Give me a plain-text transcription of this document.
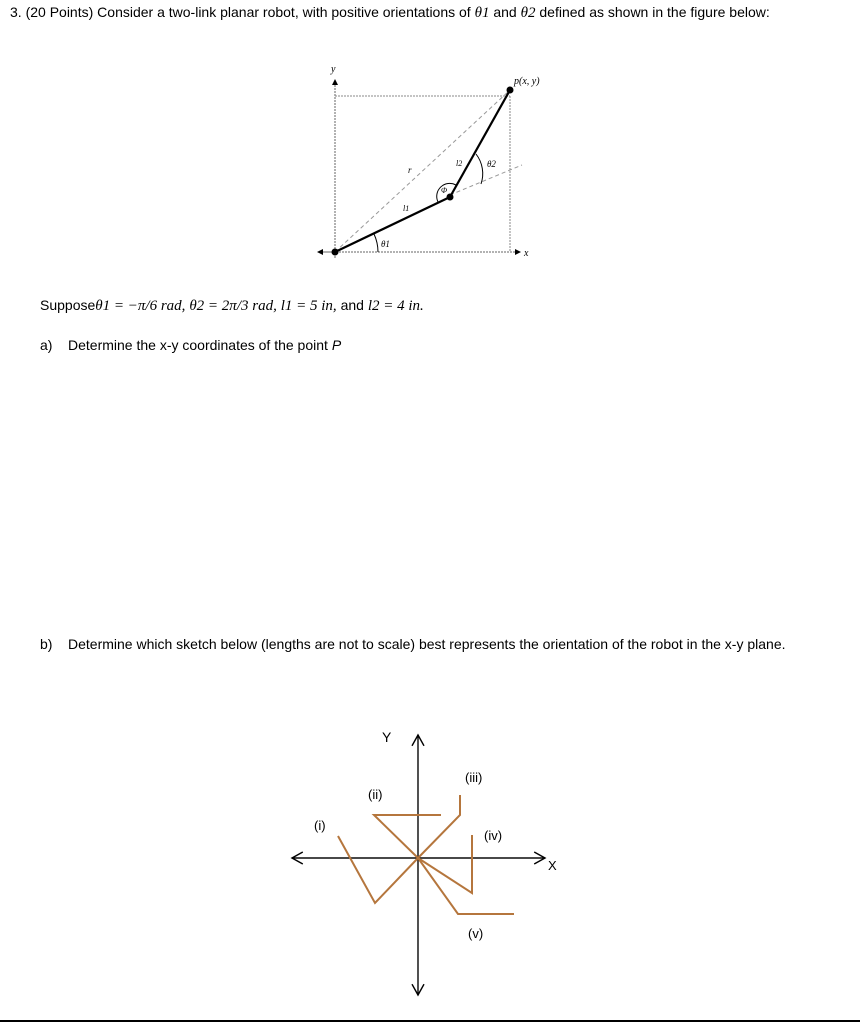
3. (20 Points) Consider a two-link planar robot, with positive orientations of θ1 and θ2 defined as shown in the figure below:
y
x
p(x, y)
r
l1
l2
Φ
θ1
θ2
Supposeθ1 = −π/6 rad, θ2 = 2π/3 rad, l1 = 5 in, and l2 = 4 in.
a) Determine the x-y coordinates of the point P
b) Determine which sketch below (lengths are not to scale) best represents the orientation of the robot in the x-y plane.
Y
X
(i)
(ii)
(iii)
(iv)
(v)
